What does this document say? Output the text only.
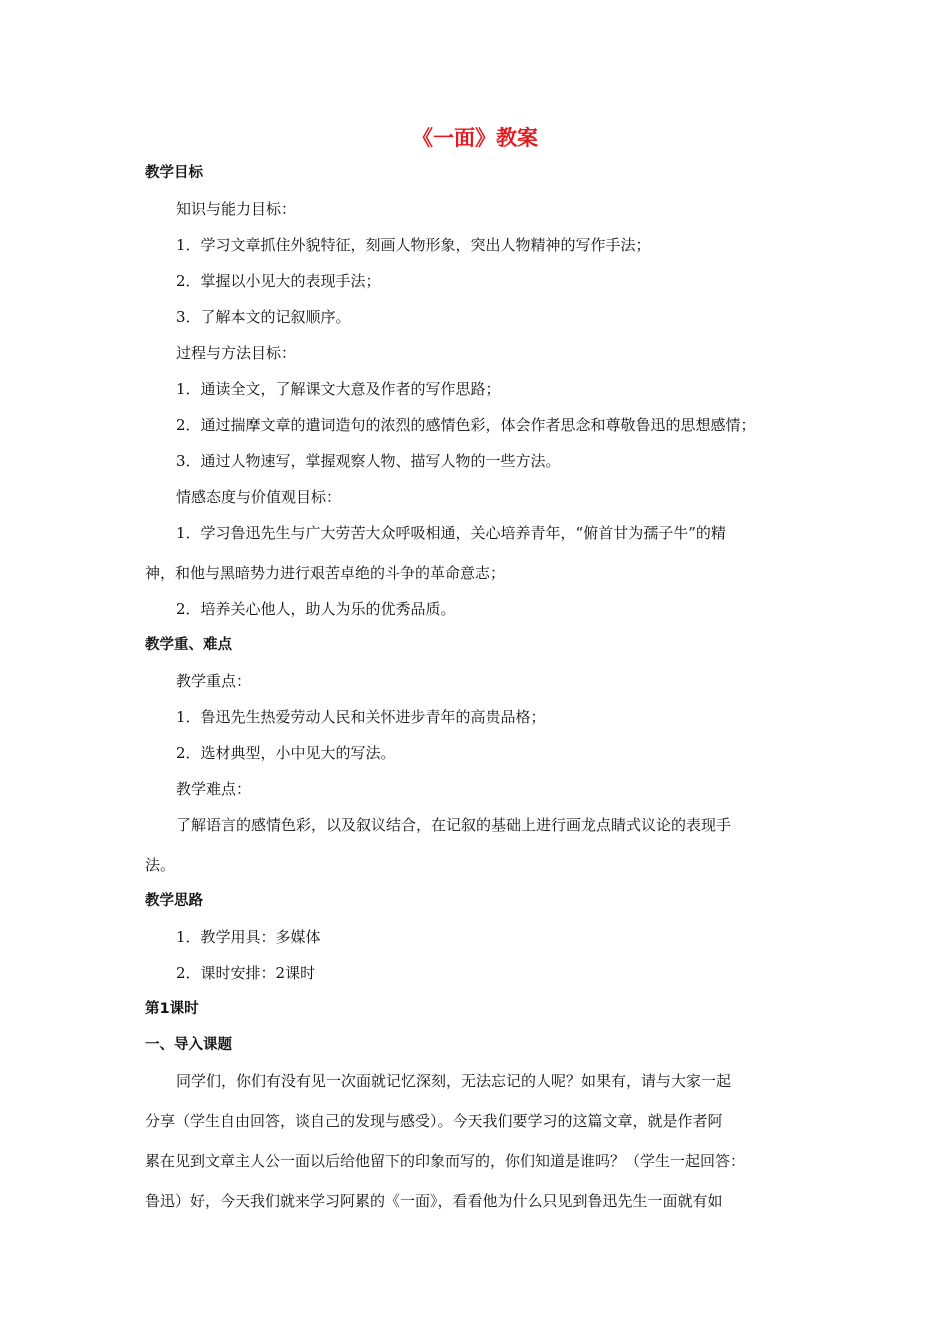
《一面》教案
教学目标
知识与能力目标：
1．学习文章抓住外貌特征，刻画人物形象，突出人物精神的写作手法；
2．掌握以小见大的表现手法；
3．了解本文的记叙顺序。
过程与方法目标：
1．通读全文，了解课文大意及作者的写作思路；
2．通过揣摩文章的遣词造句的浓烈的感情色彩，体会作者思念和尊敬鲁迅的思想感情；
3．通过人物速写，掌握观察人物、描写人物的一些方法。
情感态度与价值观目标：
1．学习鲁迅先生与广大劳苦大众呼吸相通，关心培养青年，“俯首甘为孺子牛”的精
神，和他与黑暗势力进行艰苦卓绝的斗争的革命意志；
2．培养关心他人，助人为乐的优秀品质。
教学重、难点
教学重点：
1．鲁迅先生热爱劳动人民和关怀进步青年的高贵品格；
2．选材典型，小中见大的写法。
教学难点：
了解语言的感情色彩，以及叙议结合，在记叙的基础上进行画龙点睛式议论的表现手
法。
教学思路
1．教学用具：多媒体
2．课时安排：2课时
第1课时
一、导入课题
同学们，你们有没有见一次面就记忆深刻，无法忘记的人呢？如果有，请与大家一起
分享（学生自由回答，谈自己的发现与感受）。今天我们要学习的这篇文章，就是作者阿
累在见到文章主人公一面以后给他留下的印象而写的，你们知道是谁吗？（学生一起回答：
鲁迅）好，今天我们就来学习阿累的《一面》，看看他为什么只见到鲁迅先生一面就有如
